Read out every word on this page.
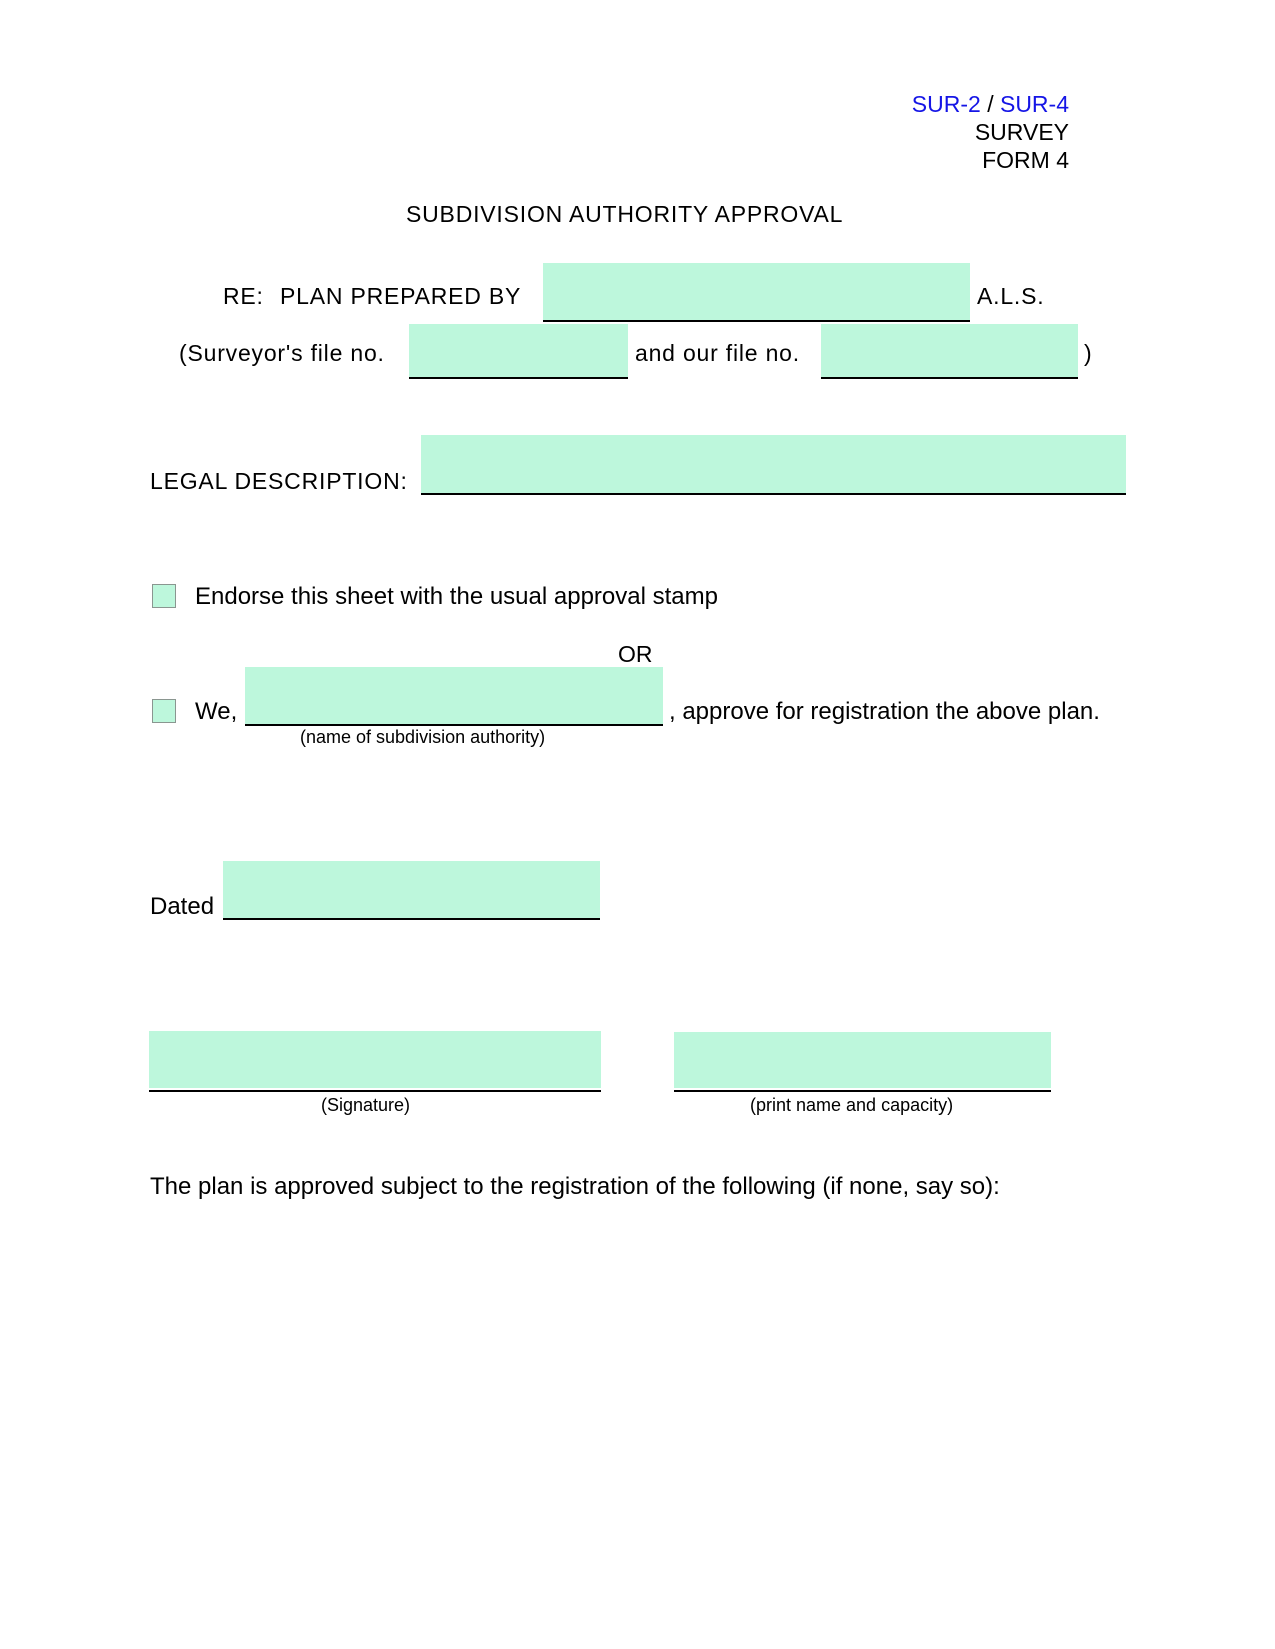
SUR-2 / SUR-4
SURVEY
FORM 4
SUBDIVISION AUTHORITY APPROVAL
RE: PLAN PREPARED BY	A.L.S.
(Surveyor's file no.	and our file no.	)
LEGAL DESCRIPTION:
Endorse this sheet with the usual approval stamp
OR
We,	, approve for registration the above plan.
(name of subdivision authority)
Dated
(Signature)	(print name and capacity)
The plan is approved subject to the registration of the following (if none, say so):
